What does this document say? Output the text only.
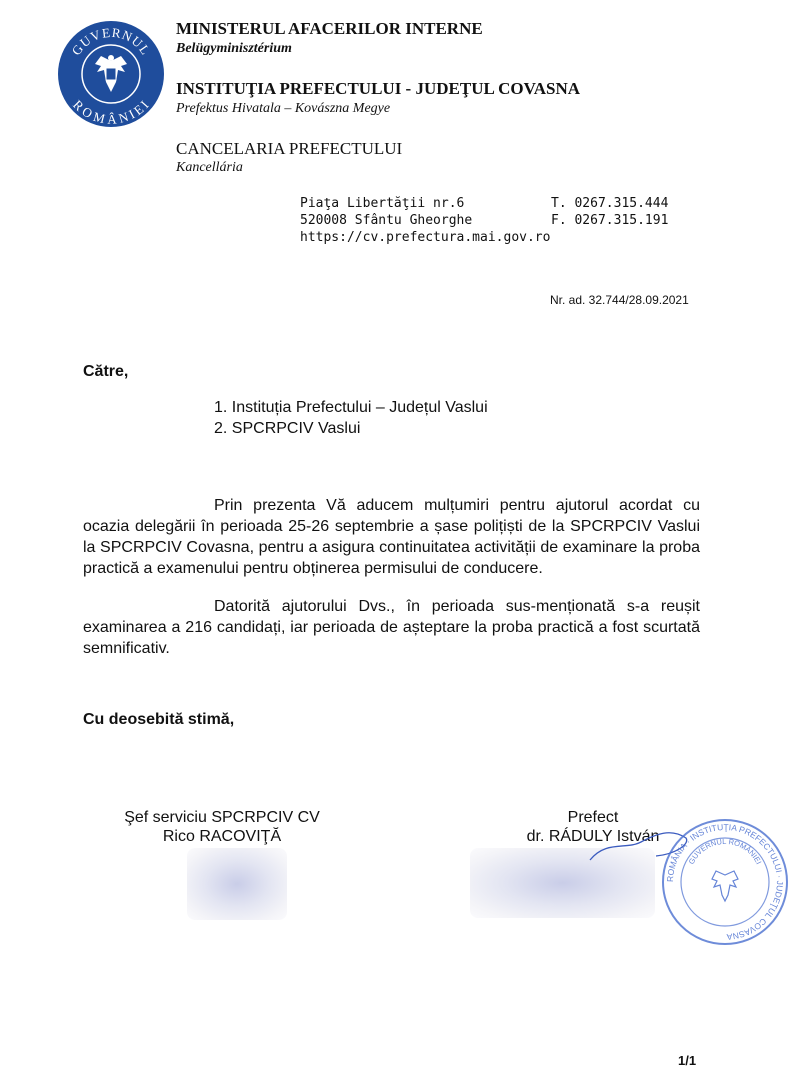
GUVERNUL
ROMÂNIEI
MINISTERUL AFACERILOR INTERNE
Belügyminisztérium
INSTITUŢIA PREFECTULUI - JUDEŢUL COVASNA
Prefektus Hivatala – Kovászna Megye
CANCELARIA PREFECTULUI
Kancellária
Piaţa Libertăţii nr.6
520008 Sfântu Gheorghe
https://cv.prefectura.mai.gov.ro
T. 0267.315.444
F. 0267.315.191
Nr. ad. 32.744/28.09.2021
Către,
1. Instituția Prefectului – Județul Vaslui
2. SPCRPCIV Vaslui

Prin prezenta Vă aducem mulțumiri pentru ajutorul acordat cu ocazia delegării în perioada 25-26 septembrie a șase polițiști de la SPCRPCIV Vaslui la SPCRPCIV Covasna, pentru a asigura continuitatea activității de examinare la proba practică a examenului pentru obținerea permisului de conducere.

Datorită ajutorului Dvs., în perioada sus-menționată s-a reușit examinarea a 216 candidați, iar perioada de așteptare la proba practică a fost scurtată semnificativ.

Cu deosebită stimă,
Şef serviciu SPCRPCIV CV
Rico RACOVIŢĂ
Prefect
dr. RÁDULY István
ROMÂNIA · INSTITUŢIA PREFECTULUI · JUDEŢUL COVASNA
GUVERNUL ROMÂNIEI
1/1
